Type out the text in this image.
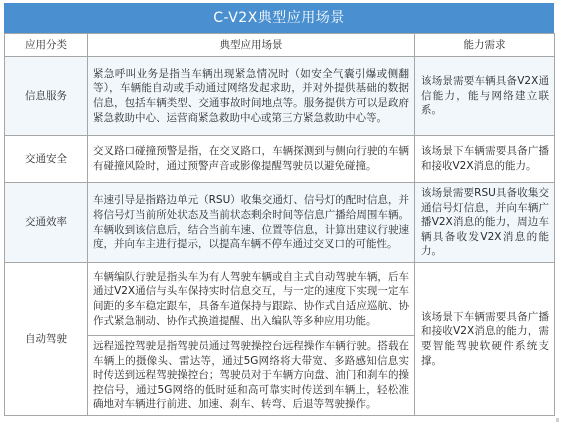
C-V2X典型应用场景
应用分类	典型应用场景	能力需求
信息服务	紧急呼叫业务是指当车辆出现紧急情况时（如安全气囊引爆或侧翻等），车辆能自动或手动通过网络发起求助，并对外提供基础的数据信息，包括车辆类型、交通事故时间地点等。服务提供方可以是政府紧急救助中心、运营商紧急救助中心或第三方紧急救助中心等。	该场景需要车辆具备V2X通信能力，能与网络建立联系。
交通安全	交叉路口碰撞预警是指，在交叉路口，车辆探测到与侧向行驶的车辆有碰撞风险时，通过预警声音或影像提醒驾驶员以避免碰撞。	该场景下车辆需要具备广播和接收V2X消息的能力。
交通效率	车速引导是指路边单元（RSU）收集交通灯、信号灯的配时信息，并将信号灯当前所处状态及当前状态剩余时间等信息广播给周围车辆。车辆收到该信息后，结合当前车速、位置等信息，计算出建议行驶速度，并向车主进行提示，以提高车辆不停车通过交叉口的可能性。	该场景需要RSU具备收集交通信号灯信息，并向车辆广播V2X消息的能力，周边车辆具备收发V2X消息的能力。
自动驾驶	车辆编队行驶是指头车为有人驾驶车辆或自主式自动驾驶车辆，后车通过V2X通信与头车保持实时信息交互，与一定的速度下实现一定车间距的多车稳定跟车，具备车道保持与跟踪、协作式自适应巡航、协作式紧急制动、协作式换道提醒、出入编队等多种应用功能。	该场景下车辆需要具备广播和接收V2X消息的能力，需要智能驾驶软硬件系统支撑。
	远程遥控驾驶是指驾驶员通过驾驶操控台远程操作车辆行驶。搭载在车辆上的摄像头、雷达等，通过5G网络将大带宽、多路感知信息实时传送到远程驾驶操控台；驾驶员对于车辆方向盘、油门和刹车的操控信号，通过5G网络的低时延和高可靠实时传送到车辆上，轻松准确地对车辆进行前进、加速、刹车、转弯、后退等驾驶操作。	
